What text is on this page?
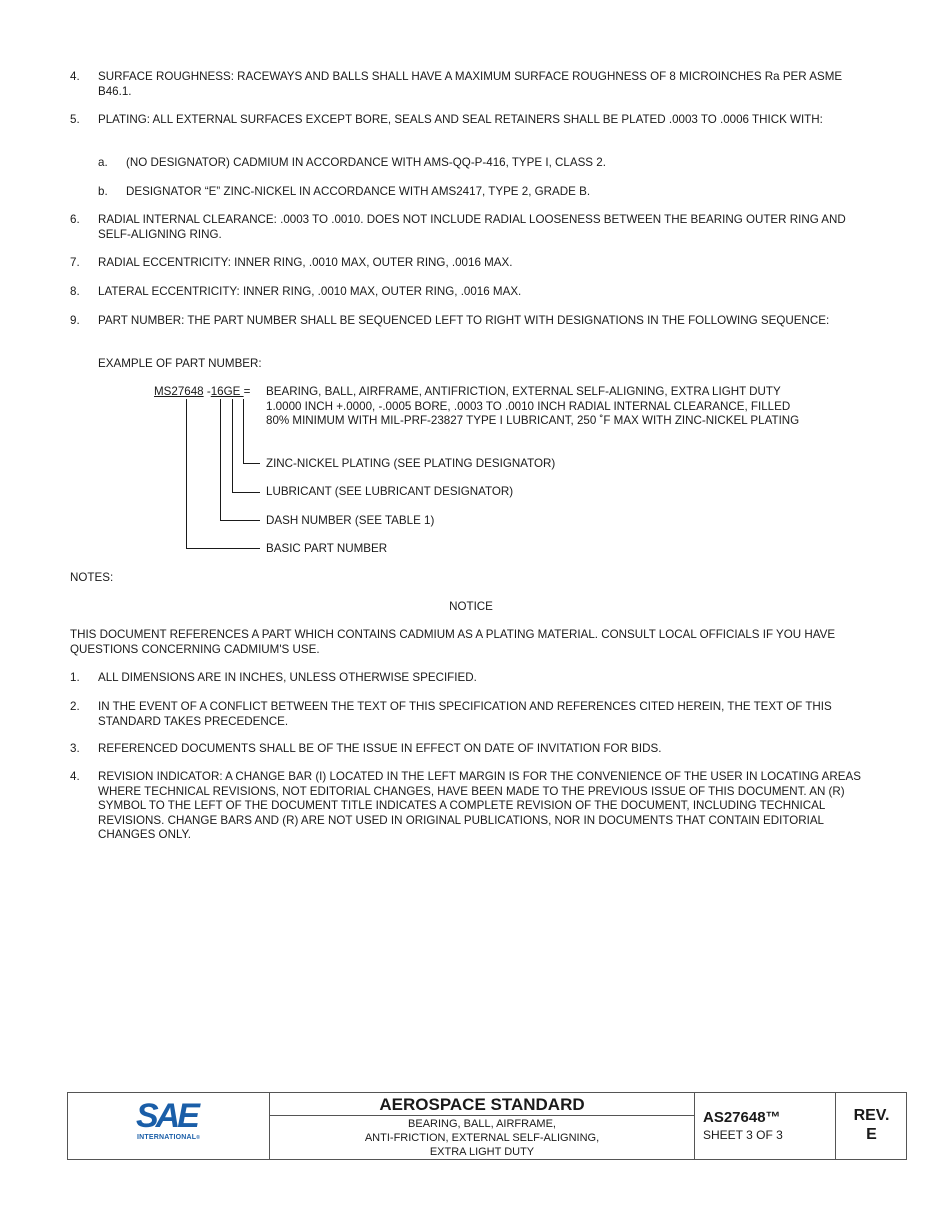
4. SURFACE ROUGHNESS: RACEWAYS AND BALLS SHALL HAVE A MAXIMUM SURFACE ROUGHNESS OF 8 MICROINCHES Ra PER ASME B46.1.
5. PLATING: ALL EXTERNAL SURFACES EXCEPT BORE, SEALS AND SEAL RETAINERS SHALL BE PLATED .0003 TO .0006 THICK WITH:
a. (NO DESIGNATOR) CADMIUM IN ACCORDANCE WITH AMS-QQ-P-416, TYPE I, CLASS 2.
b. DESIGNATOR “E” ZINC-NICKEL IN ACCORDANCE WITH AMS2417, TYPE 2, GRADE B.
6. RADIAL INTERNAL CLEARANCE: .0003 TO .0010. DOES NOT INCLUDE RADIAL LOOSENESS BETWEEN THE BEARING OUTER RING AND SELF-ALIGNING RING.
7. RADIAL ECCENTRICITY: INNER RING, .0010 MAX, OUTER RING, .0016 MAX.
8. LATERAL ECCENTRICITY: INNER RING, .0010 MAX, OUTER RING, .0016 MAX.
9. PART NUMBER: THE PART NUMBER SHALL BE SEQUENCED LEFT TO RIGHT WITH DESIGNATIONS IN THE FOLLOWING SEQUENCE:
EXAMPLE OF PART NUMBER:
MS27648 -16GE = BEARING, BALL, AIRFRAME, ANTIFRICTION, EXTERNAL SELF-ALIGNING, EXTRA LIGHT DUTY 1.0000 INCH +.0000, -.0005 BORE, .0003 TO .0010 INCH RADIAL INTERNAL CLEARANCE, FILLED 80% MINIMUM WITH MIL-PRF-23827 TYPE I LUBRICANT, 250 ˚F MAX WITH ZINC-NICKEL PLATING
ZINC-NICKEL PLATING (SEE PLATING DESIGNATOR)
LUBRICANT (SEE LUBRICANT DESIGNATOR)
DASH NUMBER (SEE TABLE 1)
BASIC PART NUMBER
NOTES:
NOTICE
THIS DOCUMENT REFERENCES A PART WHICH CONTAINS CADMIUM AS A PLATING MATERIAL. CONSULT LOCAL OFFICIALS IF YOU HAVE QUESTIONS CONCERNING CADMIUM'S USE.
1. ALL DIMENSIONS ARE IN INCHES, UNLESS OTHERWISE SPECIFIED.
2. IN THE EVENT OF A CONFLICT BETWEEN THE TEXT OF THIS SPECIFICATION AND REFERENCES CITED HEREIN, THE TEXT OF THIS STANDARD TAKES PRECEDENCE.
3. REFERENCED DOCUMENTS SHALL BE OF THE ISSUE IN EFFECT ON DATE OF INVITATION FOR BIDS.
4. REVISION INDICATOR: A CHANGE BAR (I) LOCATED IN THE LEFT MARGIN IS FOR THE CONVENIENCE OF THE USER IN LOCATING AREAS WHERE TECHNICAL REVISIONS, NOT EDITORIAL CHANGES, HAVE BEEN MADE TO THE PREVIOUS ISSUE OF THIS DOCUMENT. AN (R) SYMBOL TO THE LEFT OF THE DOCUMENT TITLE INDICATES A COMPLETE REVISION OF THE DOCUMENT, INCLUDING TECHNICAL REVISIONS. CHANGE BARS AND (R) ARE NOT USED IN ORIGINAL PUBLICATIONS, NOR IN DOCUMENTS THAT CONTAIN EDITORIAL CHANGES ONLY.
SAE
INTERNATIONAL®
AEROSPACE STANDARD
BEARING, BALL, AIRFRAME,
ANTI-FRICTION, EXTERNAL SELF-ALIGNING,
EXTRA LIGHT DUTY
AS27648™
SHEET 3 OF 3
REV.
E
